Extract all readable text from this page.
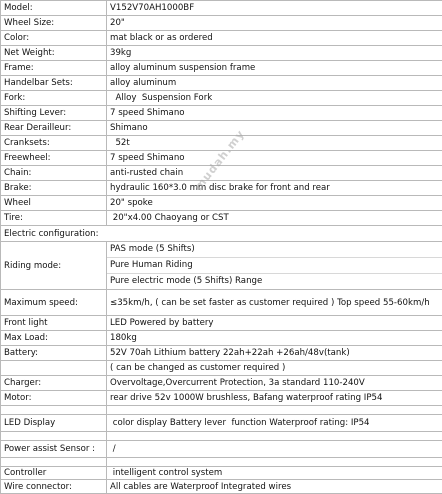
Model:	V152V70AH1000BF
Wheel Size:	20"
Color:	mat black or as ordered
Net Weight:	39kg
Frame:	alloy aluminum suspension frame
Handelbar Sets:	alloy aluminum
Fork:	Alloy  Suspension Fork
Shifting Lever:	7 speed Shimano
Rear Derailleur:	Shimano
Cranksets:	52t
Freewheel:	7 speed Shimano
Chain:	anti-rusted chain
Brake:	hydraulic 160*3.0 mm disc brake for front and rear
Wheel	20" spoke
Tire:	20"x4.00 Chaoyang or CST
Electric configuration:	
Riding mode:	PAS mode (5 Shifts)
Pure Human Riding
Pure electric mode (5 Shifts) Range

Maximum speed:	≤35km/h, ( can be set faster as customer required ) Top speed 55-60km/h
Front light	LED Powered by battery
Max Load:	180kg
Battery:	52V 70ah Lithium battery 22ah+22ah +26ah/48v(tank)
	( can be changed as customer required )
Charger:	Overvoltage,Overcurrent Protection, 3a standard 110-240V
Motor:	rear drive 52v 1000W brushless, Bafang waterproof rating IP54

LED Display	color display Battery lever  function Waterproof rating: IP54

Power assist Sensor :	/

Controller	intelligent control system
Wire connector:	All cables are Waterproof Integrated wires
mudah.my
